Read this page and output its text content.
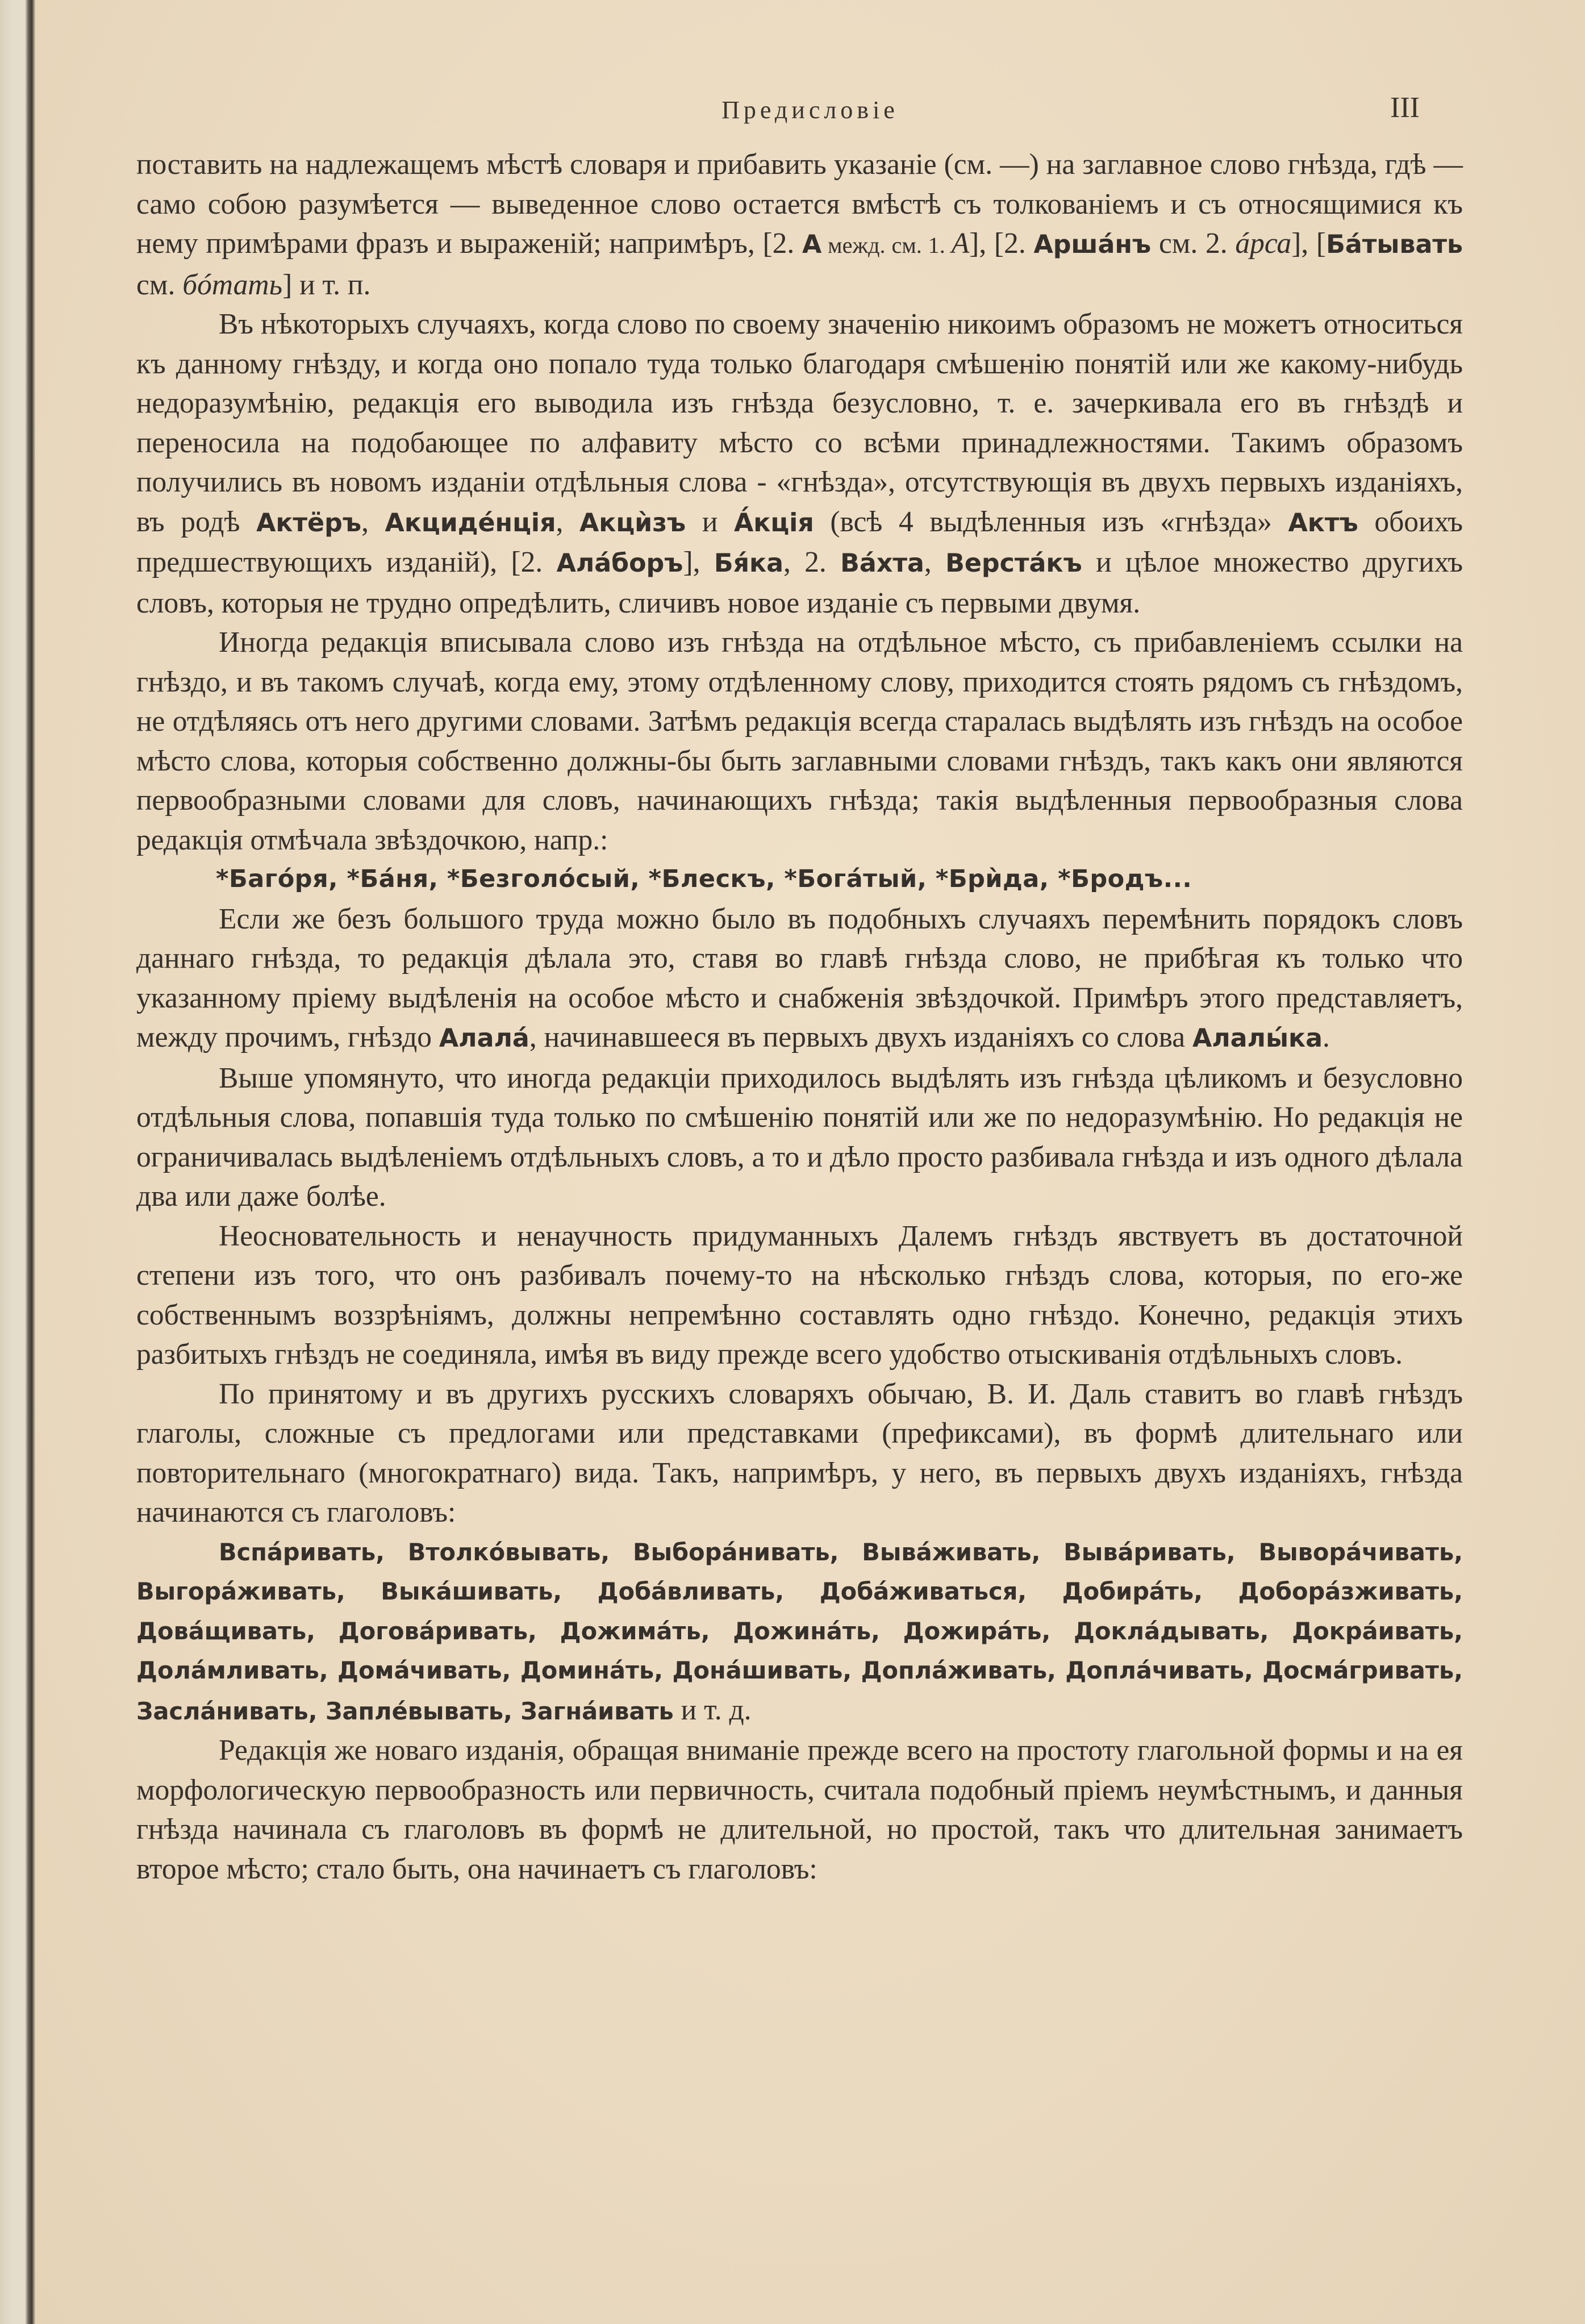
Предисловіе	III

поставить на надлежащемъ мѣстѣ словаря и прибавить указаніе (см. —) на заглавное слово гнѣзда, гдѣ — само собою разумѣется — выведенное слово остается вмѣстѣ съ толкованіемъ и съ относящимися къ нему примѣрами фразъ и выраженій; напримѣръ, [2. А межд. см. 1. А], [2. Аршáнъ см. 2. áрса], [Бáтывать см. бóтать] и т. п.

Въ нѣкоторыхъ случаяхъ, когда слово по своему значенію никоимъ образомъ не можетъ относиться къ данному гнѣзду, и когда оно попало туда только благодаря смѣшенію понятій или же какому-нибудь недоразумѣнію, редакція его выводила изъ гнѣзда безусловно, т. е. зачеркивала его въ гнѣздѣ и переносила на подобающее по алфавиту мѣсто со всѣми принадлежностями. Такимъ образомъ получились въ новомъ изданіи отдѣльныя слова - «гнѣзда», отсутствующія въ двухъ первыхъ изданіяхъ, въ родѣ Актёръ, Акцидéнція, Акцѝзъ и А́кція (всѣ 4 выдѣленныя изъ «гнѣзда» Актъ обоихъ предшествующихъ изданій), [2. Алáборъ], Бя́ка, 2. Вáхта, Верстáкъ и цѣлое множество другихъ словъ, которыя не трудно опредѣлить, сличивъ новое изданіе съ первыми двумя.

Иногда редакція вписывала слово изъ гнѣзда на отдѣльное мѣсто, съ прибавленіемъ ссылки на гнѣздо, и въ такомъ случаѣ, когда ему, этому отдѣленному слову, приходится стоять рядомъ съ гнѣздомъ, не отдѣляясь отъ него другими словами. Затѣмъ редакція всегда старалась выдѣлять изъ гнѣздъ на особое мѣсто слова, которыя собственно должны-бы быть заглавными словами гнѣздъ, такъ какъ они являются первообразными словами для словъ, начинающихъ гнѣзда; такія выдѣленныя первообразныя слова редакція отмѣчала звѣздочкою, напр.:

*Багóря, *Бáня, *Безголóсый, *Блескъ, *Богáтый, *Брѝда, *Бродъ...

Если же безъ большого труда можно было въ подобныхъ случаяхъ перемѣнить порядокъ словъ даннаго гнѣзда, то редакція дѣлала это, ставя во главѣ гнѣзда слово, не прибѣгая къ только что указанному пріему выдѣленія на особое мѣсто и снабженія звѣздочкой. Примѣръ этого представляетъ, между прочимъ, гнѣздо Алалá, начинавшееся въ первыхъ двухъ изданіяхъ со слова Алалы́ка.

Выше упомянуто, что иногда редакціи приходилось выдѣлять изъ гнѣзда цѣликомъ и безусловно отдѣльныя слова, попавшія туда только по смѣшенію понятій или же по недоразумѣнію. Но редакція не ограничивалась выдѣленіемъ отдѣльныхъ словъ, а то и дѣло просто разбивала гнѣзда и изъ одного дѣлала два или даже болѣе.

Неосновательность и ненаучность придуманныхъ Далемъ гнѣздъ явствуетъ въ достаточной степени изъ того, что онъ разбивалъ почему-то на нѣсколько гнѣздъ слова, которыя, по его-же собственнымъ воззрѣніямъ, должны непремѣнно составлять одно гнѣздо. Конечно, редакція этихъ разбитыхъ гнѣздъ не соединяла, имѣя въ виду прежде всего удобство отыскиванія отдѣльныхъ словъ.

По принятому и въ другихъ русскихъ словаряхъ обычаю, В. И. Даль ставитъ во главѣ гнѣздъ глаголы, сложные съ предлогами или представками (префиксами), въ формѣ длительнаго или повторительнаго (многократнаго) вида. Такъ, напримѣръ, у него, въ первыхъ двухъ изданіяхъ, гнѣзда начинаются съ глаголовъ:

Вспáривать, Втолкóвывать, Выборáнивать, Вывáживать, Вывáривать, Выворáчивать, Выгорáживать, Выкáшивать, Добáвливать, Добáживаться, Добирáть, Доборáзживать, Довáщивать, Договáривать, Дожимáть, Дожинáть, Дожирáть, Доклáдывать, Докрáивать, Долáмливать, Домáчивать, Доминáть, Донáшивать, Доплáживать, Доплáчивать, Досмáгривать, Заслáнивать, Заплéвывать, Загнáивать и т. д.

Редакція же новаго изданія, обращая вниманіе прежде всего на простоту глагольной формы и на ея морфологическую первообразность или первичность, считала подобный пріемъ неумѣстнымъ, и данныя гнѣзда начинала съ глаголовъ въ формѣ не длительной, но простой, такъ что длительная занимаетъ второе мѣсто; стало быть, она начинаетъ съ глаголовъ:
